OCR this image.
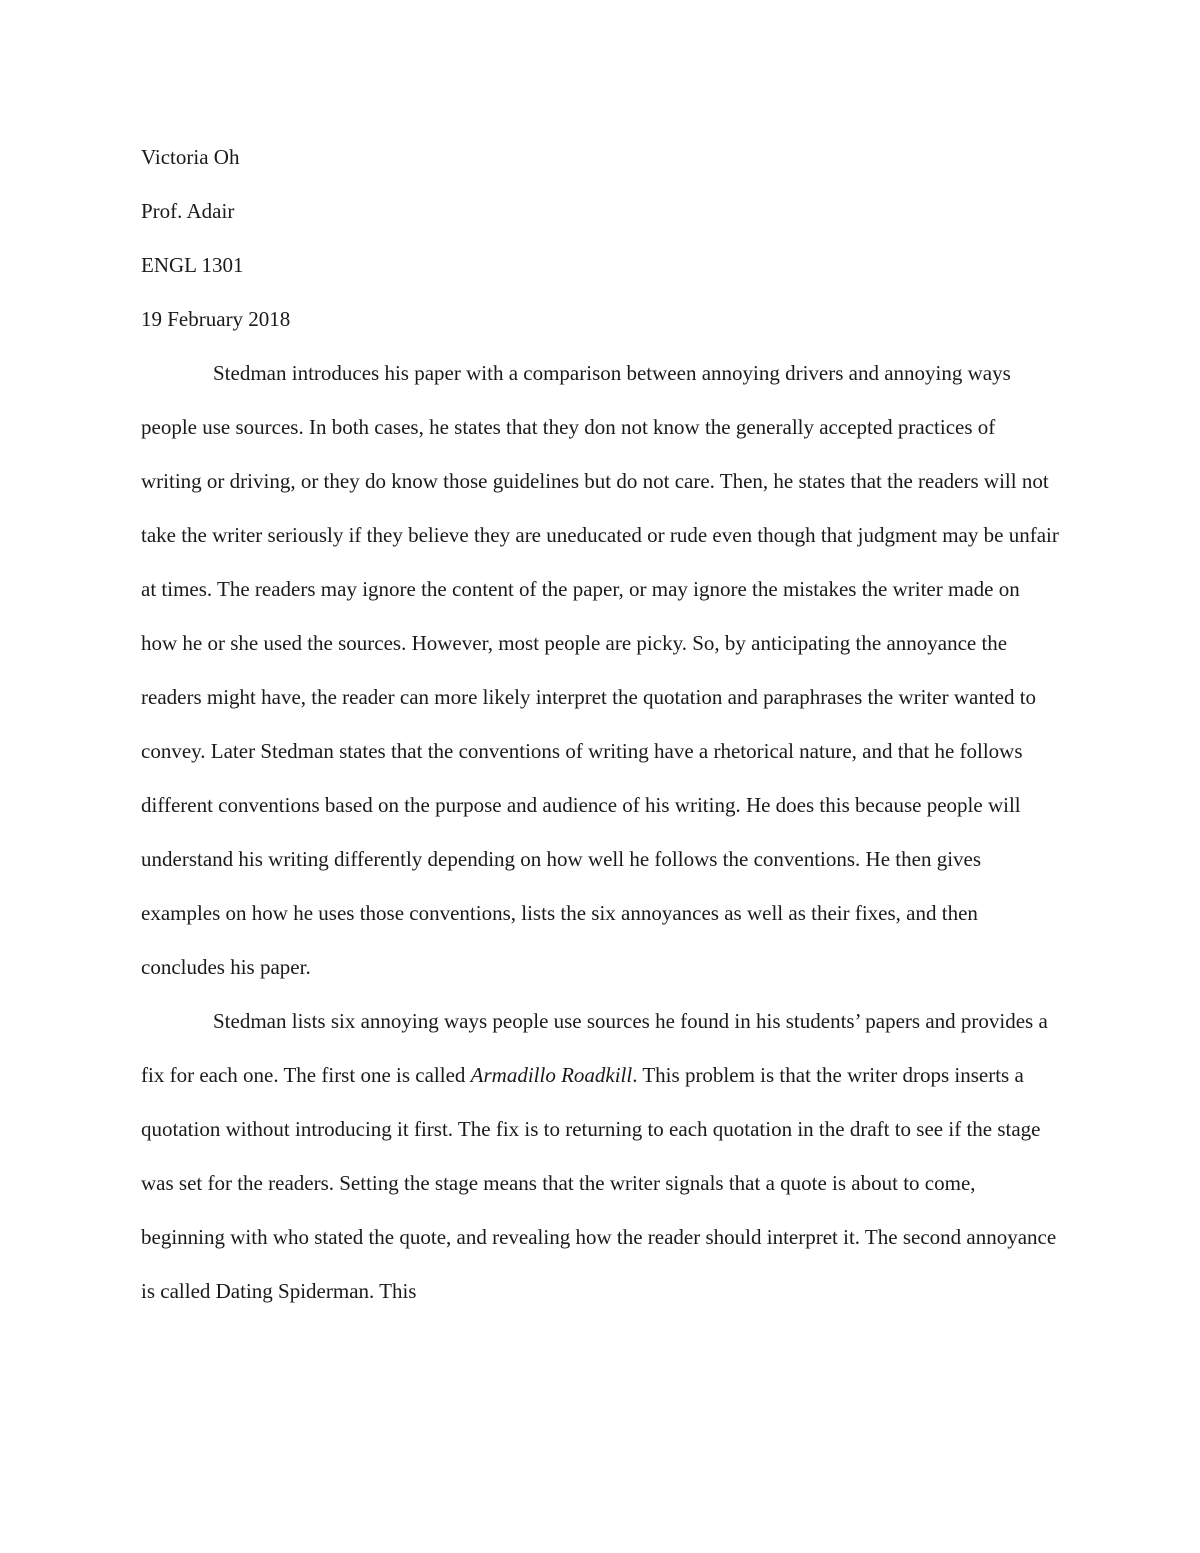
Victoria Oh

Prof. Adair

ENGL 1301

19 February 2018

Stedman introduces his paper with a comparison between annoying drivers and annoying ways people use sources. In both cases, he states that they don not know the generally accepted practices of writing or driving, or they do know those guidelines but do not care. Then, he states that the readers will not take the writer seriously if they believe they are uneducated or rude even though that judgment may be unfair at times. The readers may ignore the content of the paper, or may ignore the mistakes the writer made on how he or she used the sources. However, most people are picky. So, by anticipating the annoyance the readers might have, the reader can more likely interpret the quotation and paraphrases the writer wanted to convey. Later Stedman states that the conventions of writing have a rhetorical nature, and that he follows different conventions based on the purpose and audience of his writing. He does this because people will understand his writing differently depending on how well he follows the conventions. He then gives examples on how he uses those conventions, lists the six annoyances as well as their fixes, and then concludes his paper.

Stedman lists six annoying ways people use sources he found in his students’ papers and provides a fix for each one. The first one is called Armadillo Roadkill. This problem is that the writer drops inserts a quotation without introducing it first. The fix is to returning to each quotation in the draft to see if the stage was set for the readers. Setting the stage means that the writer signals that a quote is about to come, beginning with who stated the quote, and revealing how the reader should interpret it. The second annoyance is called Dating Spiderman. This
